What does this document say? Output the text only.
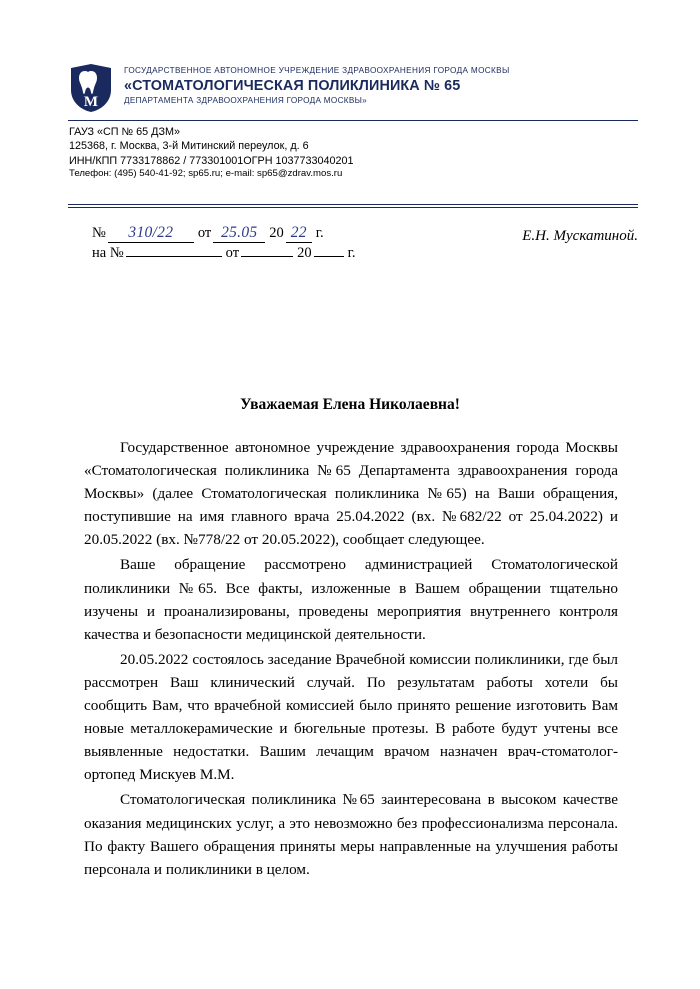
М
ГОСУДАРСТВЕННОЕ АВТОНОМНОЕ УЧРЕЖДЕНИЕ ЗДРАВООХРАНЕНИЯ ГОРОДА МОСКВЫ
«СТОМАТОЛОГИЧЕСКАЯ ПОЛИКЛИНИКА № 65
ДЕПАРТАМЕНТА ЗДРАВООХРАНЕНИЯ ГОРОДА МОСКВЫ»
ГАУЗ «СП № 65 ДЗМ»
125368, г. Москва, 3-й Митинский переулок, д. 6
ИНН/КПП 7733178862 / 773301001ОГРН 1037733040201
Телефон: (495) 540-41-92; sp65.ru; e-mail: sp65@zdrav.mos.ru
№	310/22	от 25.05 20 22 г.
на №	от	20 г.
Е.Н. Мускатиной.
Уважаемая Елена Николаевна!

Государственное автономное учреждение здравоохранения города Москвы «Стоматологическая поликлиника №65 Департамента здравоохранения города Москвы» (далее Стоматологическая поликлиника №65) на Ваши обращения, поступившие на имя главного врача 25.04.2022 (вх. №682/22 от 25.04.2022) и 20.05.2022 (вх. №778/22 от 20.05.2022), сообщает следующее.

Ваше обращение рассмотрено администрацией Стоматологической поликлиники №65. Все факты, изложенные в Вашем обращении тщательно изучены и проанализированы, проведены мероприятия внутреннего контроля качества и безопасности медицинской деятельности.

20.05.2022 состоялось заседание Врачебной комиссии поликлиники, где был рассмотрен Ваш клинический случай. По результатам работы хотели бы сообщить Вам, что врачебной комиссией было принято решение изготовить Вам новые металлокерамические и бюгельные протезы. В работе будут учтены все выявленные недостатки. Вашим лечащим врачом назначен врач-стоматолог-ортопед Мискуев М.М.

Стоматологическая поликлиника №65 заинтересована в высоком качестве оказания медицинских услуг, а это невозможно без профессионализма персонала. По факту Вашего обращения приняты меры направленные на улучшения работы персонала и поликлиники в целом.
